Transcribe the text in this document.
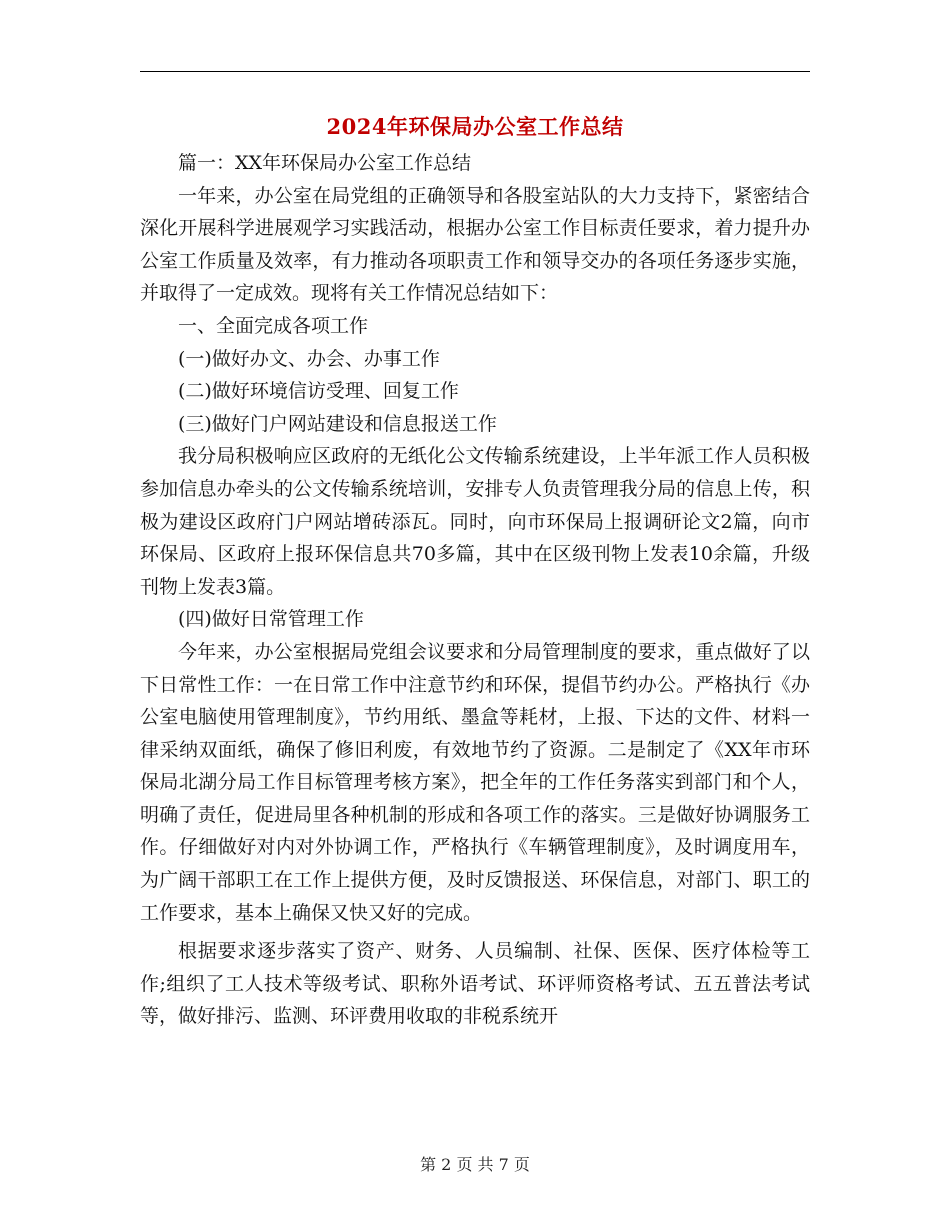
2024年环保局办公室工作总结

篇一：XX年环保局办公室工作总结

一年来，办公室在局党组的正确领导和各股室站队的大力支持下，紧密结合深化开展科学进展观学习实践活动，根据办公室工作目标责任要求，着力提升办公室工作质量及效率，有力推动各项职责工作和领导交办的各项任务逐步实施，并取得了一定成效。现将有关工作情况总结如下：

一、全面完成各项工作

(一)做好办文、办会、办事工作

(二)做好环境信访受理、回复工作

(三)做好门户网站建设和信息报送工作

我分局积极响应区政府的无纸化公文传输系统建设，上半年派工作人员积极参加信息办牵头的公文传输系统培训，安排专人负责管理我分局的信息上传，积极为建设区政府门户网站增砖添瓦。同时，向市环保局上报调研论文2篇，向市环保局、区政府上报环保信息共70多篇，其中在区级刊物上发表10余篇，升级刊物上发表3篇。

(四)做好日常管理工作

今年来，办公室根据局党组会议要求和分局管理制度的要求，重点做好了以下日常性工作：一在日常工作中注意节约和环保，提倡节约办公。严格执行《办公室电脑使用管理制度》，节约用纸、墨盒等耗材，上报、下达的文件、材料一律采纳双面纸，确保了修旧利废，有效地节约了资源。二是制定了《XX年市环保局北湖分局工作目标管理考核方案》，把全年的工作任务落实到部门和个人，明确了责任，促进局里各种机制的形成和各项工作的落实。三是做好协调服务工作。仔细做好对内对外协调工作，严格执行《车辆管理制度》，及时调度用车，为广阔干部职工在工作上提供方便，及时反馈报送、环保信息，对部门、职工的工作要求，基本上确保又快又好的完成。

根据要求逐步落实了资产、财务、人员编制、社保、医保、医疗体检等工作;组织了工人技术等级考试、职称外语考试、环评师资格考试、五五普法考试等，做好排污、监测、环评费用收取的非税系统开

第 2 页 共 7 页
